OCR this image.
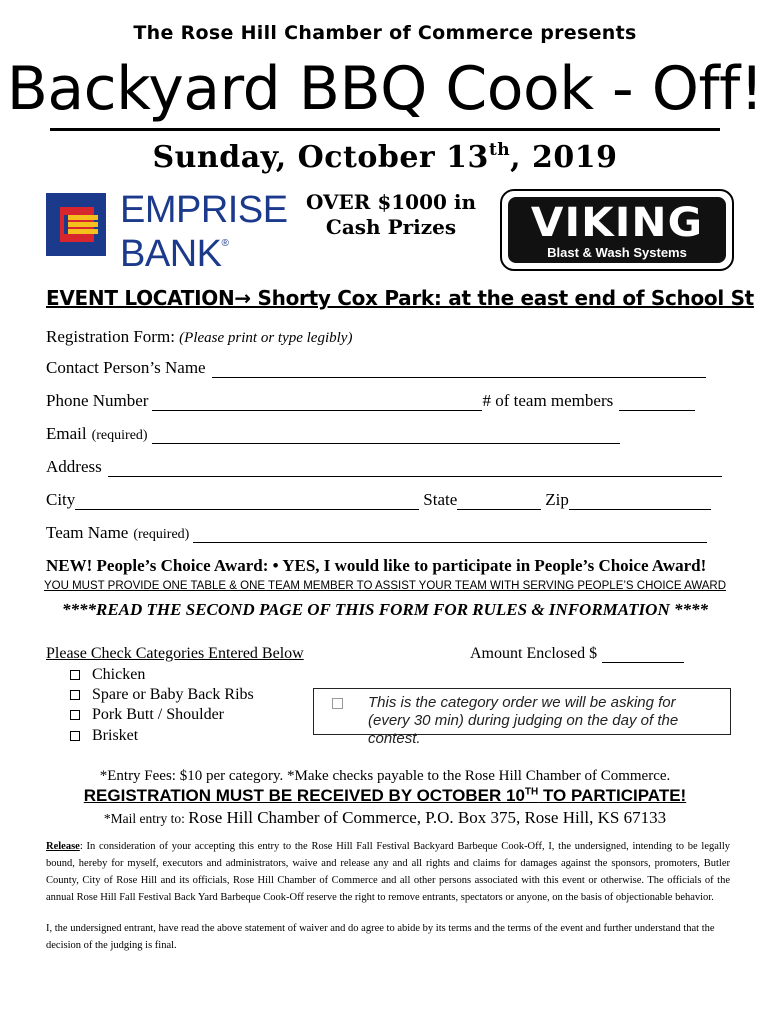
The Rose Hill Chamber of Commerce presents
Backyard BBQ Cook - Off!
Sunday, October 13th, 2019
EMPRISE
BANK®
OVER $1000 in
Cash Prizes	VIKING
Blast & Wash Systems
EVENT LOCATION→ Shorty Cox Park: at the east end of School St
Registration Form: (Please print or type legibly)
Contact Person’s Name
Phone Number	# of team members
Email (required)
Address
City	State	Zip
Team Name (required)
NEW! People’s Choice Award: • YES, I would like to participate in People’s Choice Award!
YOU MUST PROVIDE ONE TABLE & ONE TEAM MEMBER TO ASSIST YOUR TEAM WITH SERVING PEOPLE’S CHOICE AWARD
****READ THE SECOND PAGE OF THIS FORM FOR RULES & INFORMATION ****
Please Check Categories Entered Below
Chicken
Spare or Baby Back Ribs
Pork Butt / Shoulder
Brisket
Amount Enclosed $
This is the category order we will be asking for (every 30 min) during judging on the day of the contest.
*Entry Fees: $10 per category. *Make checks payable to the Rose Hill Chamber of Commerce.
REGISTRATION MUST BE RECEIVED BY OCTOBER 10TH TO PARTICIPATE!
*Mail entry to: Rose Hill Chamber of Commerce, P.O. Box 375, Rose Hill, KS 67133
Release: In consideration of your accepting this entry to the Rose Hill Fall Festival Backyard Barbeque Cook-Off, I, the undersigned, intending to be legally bound, hereby for myself, executors and administrators, waive and release any and all rights and claims for damages against the sponsors, promoters, Butler County, City of Rose Hill and its officials, Rose Hill Chamber of Commerce and all other persons associated with this event or otherwise. The officials of the annual Rose Hill Fall Festival Back Yard Barbeque Cook-Off reserve the right to remove entrants, spectators or anyone, on the basis of objectionable behavior.
I, the undersigned entrant, have read the above statement of waiver and do agree to abide by its terms and the terms of the event and further understand that the decision of the judging is final.
